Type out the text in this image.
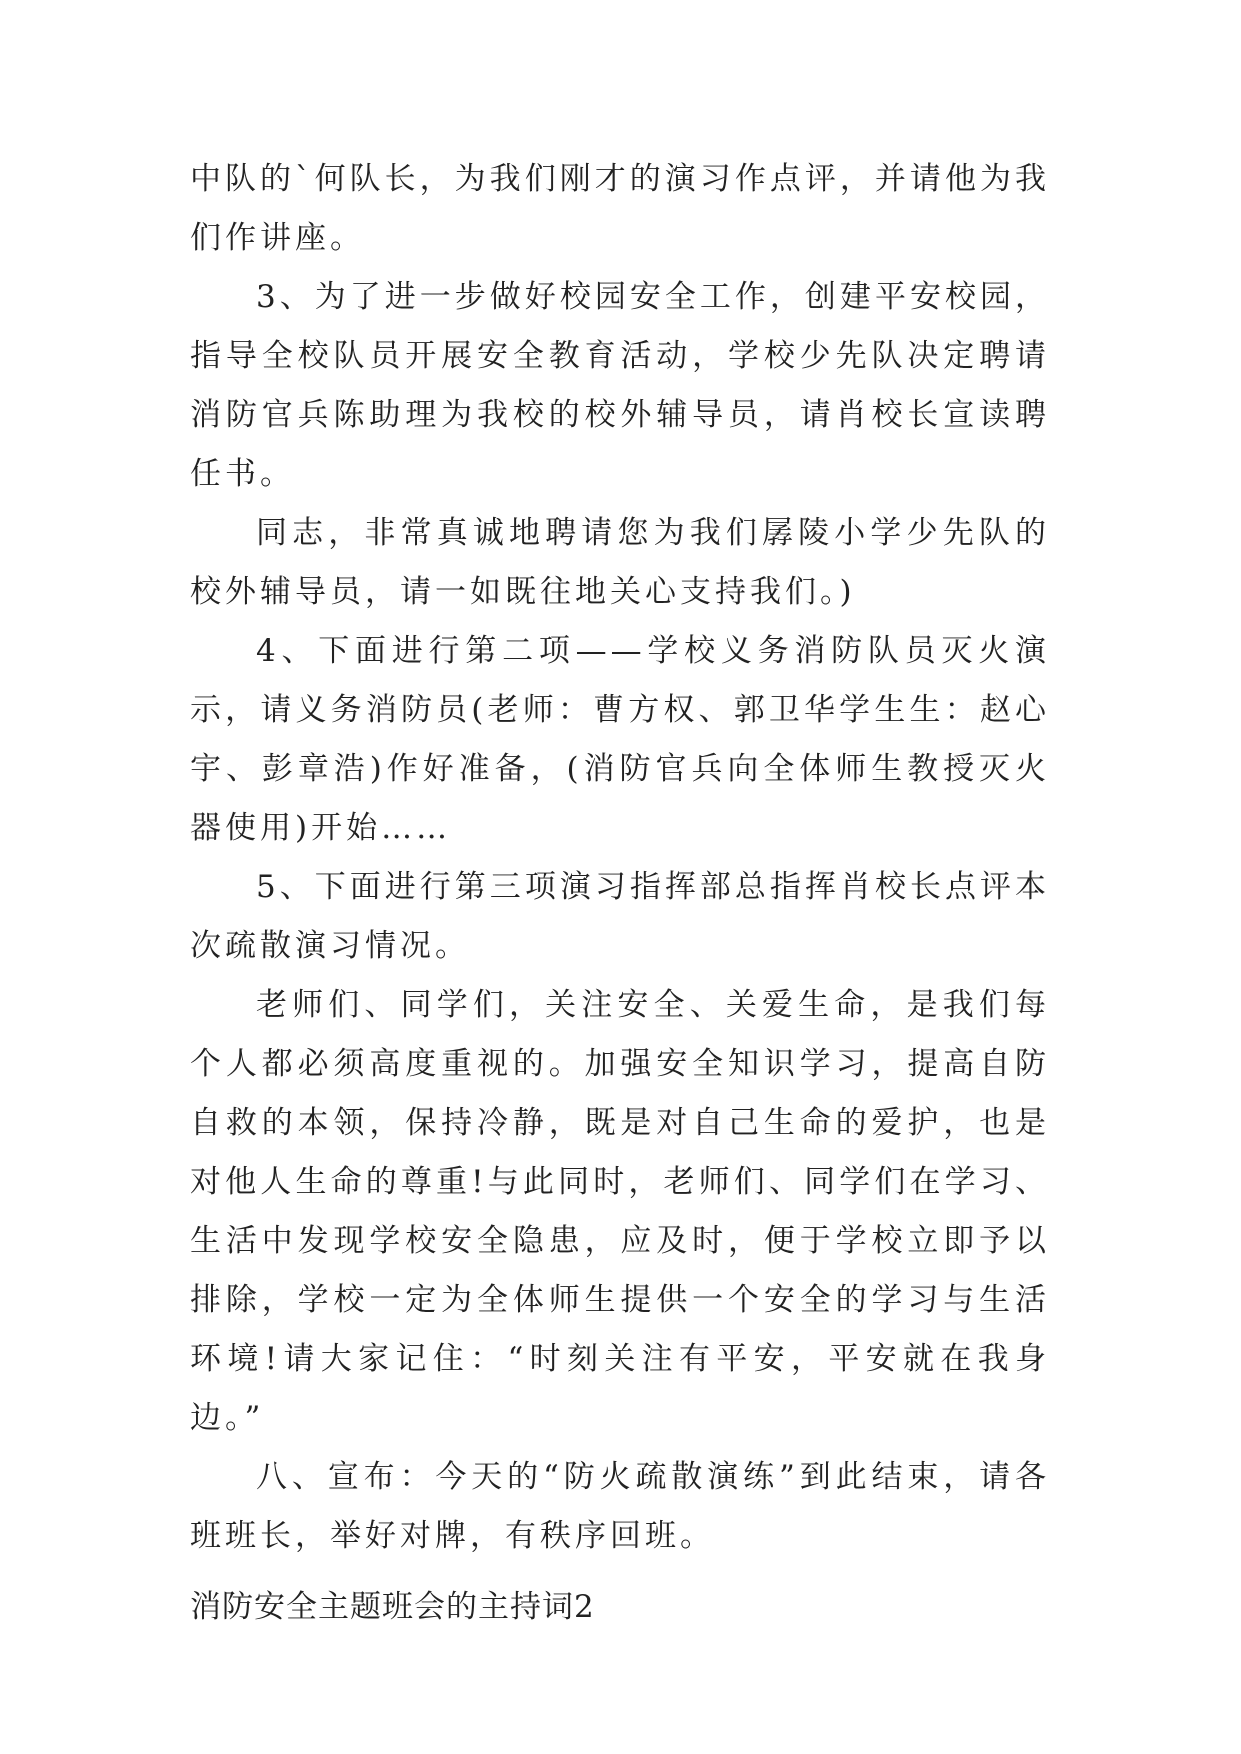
中队的`何队长，为我们刚才的演习作点评，并请他为我们作讲座。

3、为了进一步做好校园安全工作，创建平安校园，指导全校队员开展安全教育活动，学校少先队决定聘请消防官兵陈助理为我校的校外辅导员，请肖校长宣读聘任书。

同志，非常真诚地聘请您为我们孱陵小学少先队的校外辅导员，请一如既往地关心支持我们。)

4、下面进行第二项——学校义务消防队员灭火演示，请义务消防员(老师：曹方权、郭卫华学生生：赵心宇、彭章浩)作好准备，(消防官兵向全体师生教授灭火器使用)开始……

5、下面进行第三项演习指挥部总指挥肖校长点评本次疏散演习情况。

老师们、同学们，关注安全、关爱生命，是我们每个人都必须高度重视的。加强安全知识学习，提高自防自救的本领，保持冷静，既是对自己生命的爱护，也是对他人生命的尊重!与此同时，老师们、同学们在学习、生活中发现学校安全隐患，应及时，便于学校立即予以排除，学校一定为全体师生提供一个安全的学习与生活环境!请大家记住：“时刻关注有平安，平安就在我身边。”

八、宣布：今天的“防火疏散演练”到此结束，请各班班长，举好对牌，有秩序回班。

消防安全主题班会的主持词2
